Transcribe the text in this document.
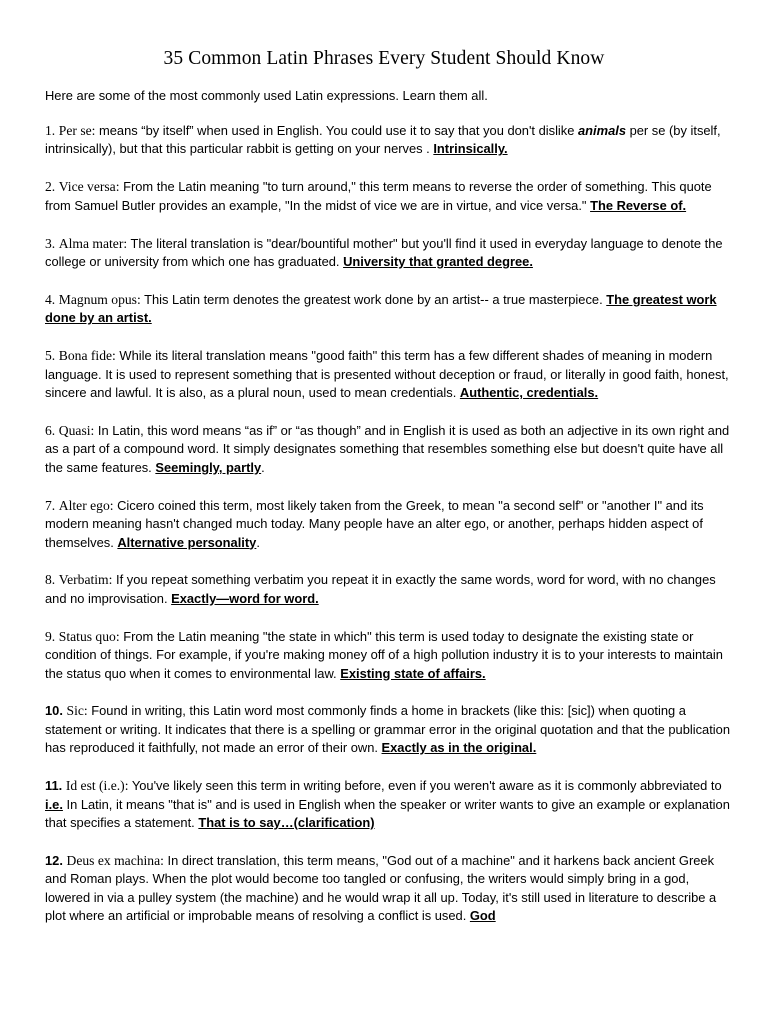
35 Common Latin Phrases Every Student Should Know
Here are some of the most commonly used Latin expressions. Learn them all.

1. Per se: means “by itself” when used in English. You could use it to say that you don't dislike animals per se (by itself, intrinsically), but that this particular rabbit is getting on your nerves . Intrinsically.

2. Vice versa: From the Latin meaning "to turn around," this term means to reverse the order of something. This quote from Samuel Butler provides an example, "In the midst of vice we are in virtue, and vice versa." The Reverse of.

3. Alma mater: The literal translation is "dear/bountiful mother" but you'll find it used in everyday language to denote the college or university from which one has graduated. University that granted degree.

4. Magnum opus: This Latin term denotes the greatest work done by an artist-- a true masterpiece. The greatest work done by an artist.

5. Bona fide: While its literal translation means "good faith" this term has a few different shades of meaning in modern language. It is used to represent something that is presented without deception or fraud, or literally in good faith, honest, sincere and lawful. It is also, as a plural noun, used to mean credentials. Authentic, credentials.

6. Quasi: In Latin, this word means “as if” or “as though” and in English it is used as both an adjective in its own right and as a part of a compound word. It simply designates something that resembles something else but doesn't quite have all the same features. Seemingly, partly.

7. Alter ego: Cicero coined this term, most likely taken from the Greek, to mean "a second self" or "another I" and its modern meaning hasn't changed much today. Many people have an alter ego, or another, perhaps hidden aspect of themselves. Alternative personality.

8. Verbatim: If you repeat something verbatim you repeat it in exactly the same words, word for word, with no changes and no improvisation. Exactly—word for word.

9. Status quo: From the Latin meaning "the state in which" this term is used today to designate the existing state or condition of things. For example, if you're making money off of a high pollution industry it is to your interests to maintain the status quo when it comes to environmental law. Existing state of affairs.

10. Sic: Found in writing, this Latin word most commonly finds a home in brackets (like this: [sic]) when quoting a statement or writing. It indicates that there is a spelling or grammar error in the original quotation and that the publication has reproduced it faithfully, not made an error of their own. Exactly as in the original.

11. Id est (i.e.): You've likely seen this term in writing before, even if you weren't aware as it is commonly abbreviated to i.e. In Latin, it means "that is" and is used in English when the speaker or writer wants to give an example or explanation that specifies a statement. That is to say…(clarification)

12. Deus ex machina: In direct translation, this term means, "God out of a machine" and it harkens back ancient Greek and Roman plays. When the plot would become too tangled or confusing, the writers would simply bring in a god, lowered in via a pulley system (the machine) and he would wrap it all up. Today, it's still used in literature to describe a plot where an artificial or improbable means of resolving a conflict is used. God
